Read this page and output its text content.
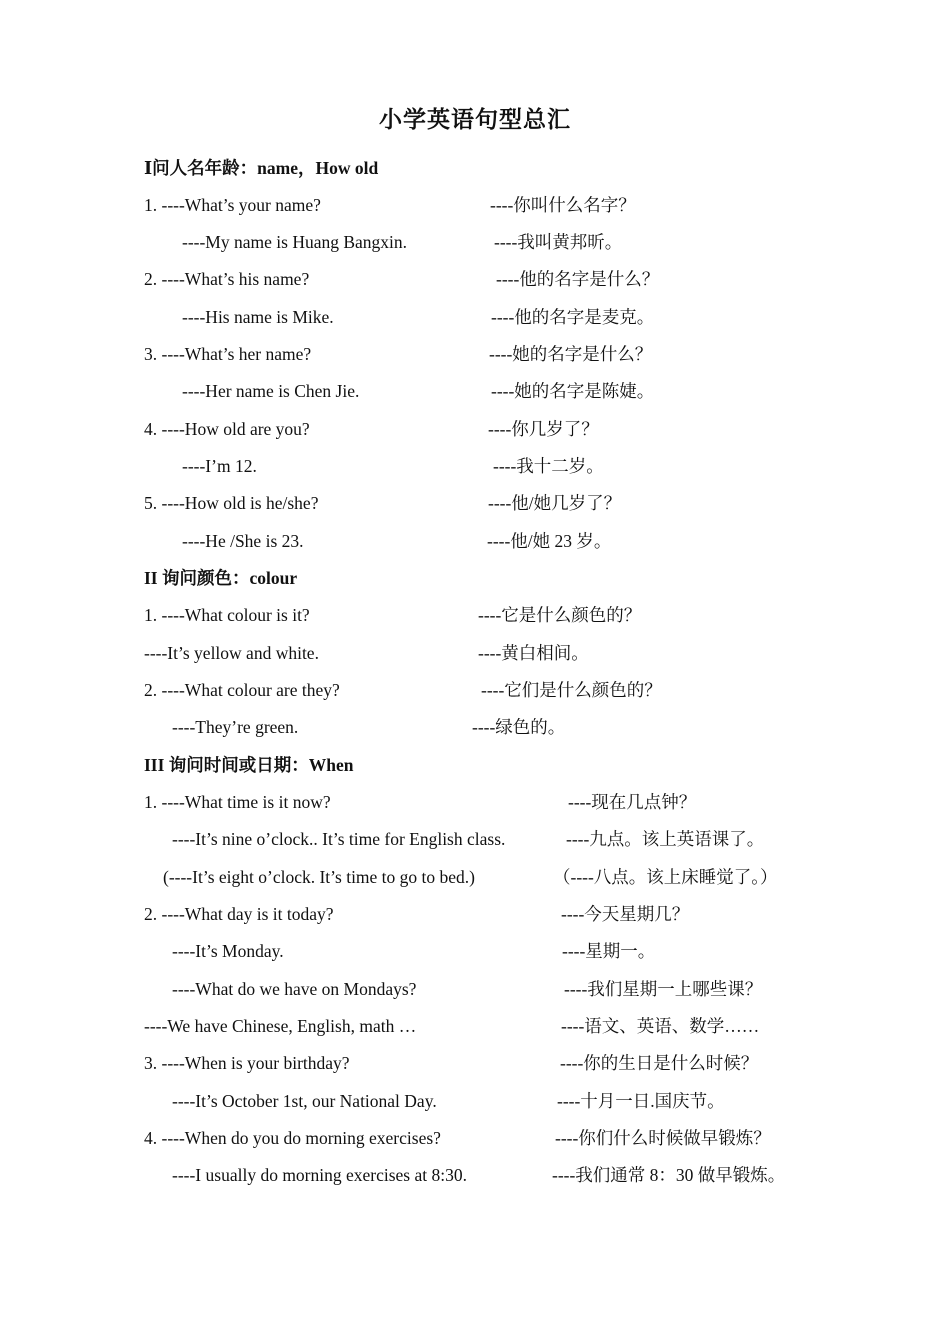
小学英语句型总汇
Ⅰ问人名年龄：name，How old
1. ----What’s your name?	----你叫什么名字？
----My name is Huang Bangxin.	----我叫黄邦昕。
2. ----What’s his name?	----他的名字是什么？
----His name is Mike.	----他的名字是麦克。
3. ----What’s her name?	----她的名字是什么？
----Her name is Chen Jie.	----她的名字是陈婕。
4. ----How old are you?	----你几岁了？
----I’m 12.	----我十二岁。
5. ----How old is he/she?	----他/她几岁了？
----He /She is 23.	----他/她 23 岁。
II 询问颜色：colour
1. ----What colour is it?	----它是什么颜色的？
----It’s yellow and white.	----黄白相间。
2. ----What colour are they?	----它们是什么颜色的？
----They’re green.	----绿色的。
III 询问时间或日期：When
1. ----What time is it now?	----现在几点钟？
----It’s nine o’clock.. It’s time for English class.	----九点。该上英语课了。
(----It’s eight o’clock. It’s time to go to bed.)	（----八点。该上床睡觉了。）
2. ----What day is it today?	----今天星期几？
----It’s Monday.	----星期一。
----What do we have on Mondays?	----我们星期一上哪些课？
----We have Chinese, English, math …	----语文、英语、数学……
3. ----When is your birthday?	----你的生日是什么时候？
----It’s October 1st, our National Day.	----十月一日.国庆节。
4. ----When do you do morning exercises?	----你们什么时候做早锻炼？
----I usually do morning exercises at 8:30.	----我们通常 8：30 做早锻炼。
